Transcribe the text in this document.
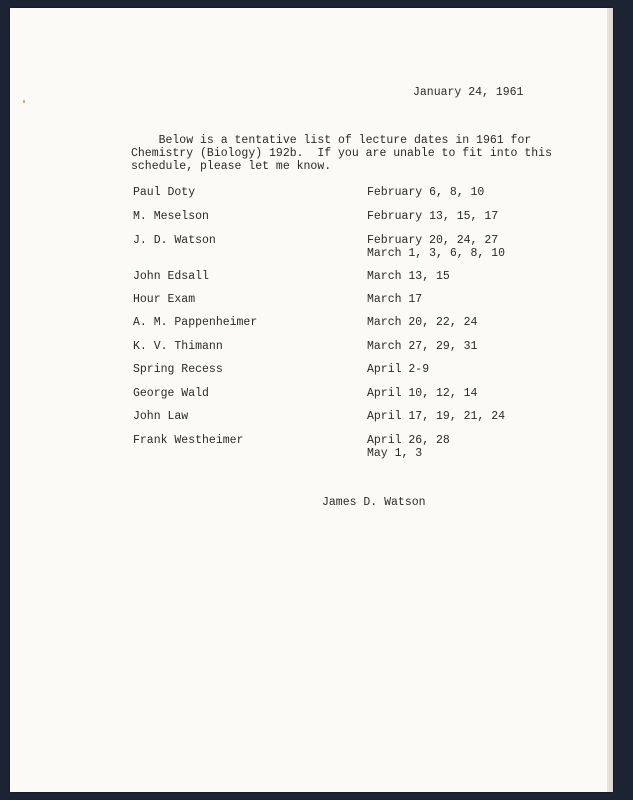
January 24, 1961
Below is a tentative list of lecture dates in 1961 for
Chemistry (Biology) 192b.  If you are unable to fit into this
schedule, please let me know.
Paul Doty	February 6, 8, 10
M. Meselson	February 13, 15, 17
J. D. Watson	February 20, 24, 27
March 1, 3, 6, 8, 10
John Edsall	March 13, 15
Hour Exam	March 17
A. M. Pappenheimer	March 20, 22, 24
K. V. Thimann	March 27, 29, 31
Spring Recess	April 2-9
George Wald	April 10, 12, 14
John Law	April 17, 19, 21, 24
Frank Westheimer	April 26, 28
May 1, 3
James D. Watson
